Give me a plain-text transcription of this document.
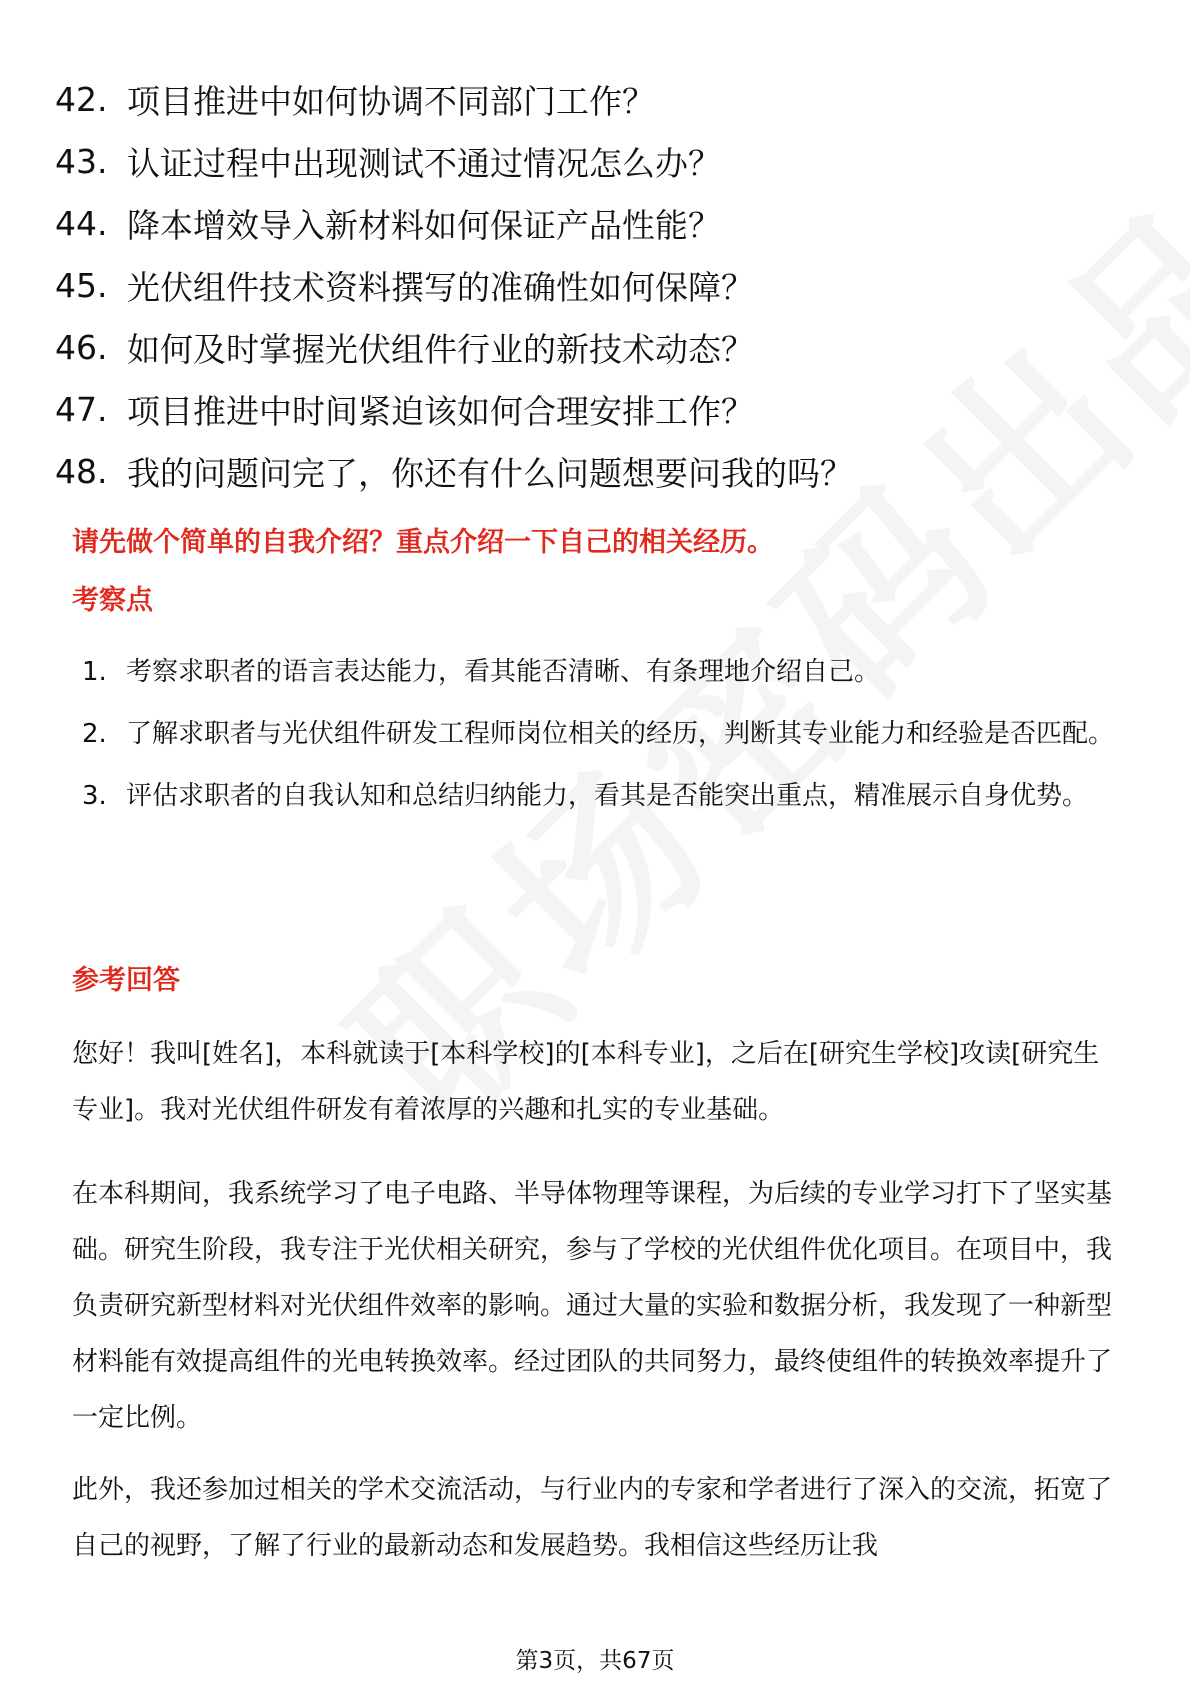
42. 项目推进中如何协调不同部门工作？
43. 认证过程中出现测试不通过情况怎么办？
44. 降本增效导入新材料如何保证产品性能？
45. 光伏组件技术资料撰写的准确性如何保障？
46. 如何及时掌握光伏组件行业的新技术动态？
47. 项目推进中时间紧迫该如何合理安排工作？
48. 我的问题问完了，你还有什么问题想要问我的吗？
请先做个简单的自我介绍？重点介绍一下自己的相关经历。
考察点
1. 考察求职者的语言表达能力，看其能否清晰、有条理地介绍自己。
2. 了解求职者与光伏组件研发工程师岗位相关的经历，判断其专业能力和经验是否匹配。
3. 评估求职者的自我认知和总结归纳能力，看其是否能突出重点，精准展示自身优势。
参考回答
您好！我叫[姓名]，本科就读于[本科学校]的[本科专业]，之后在[研究生学校]攻读[研究生专业]。我对光伏组件研发有着浓厚的兴趣和扎实的专业基础。
在本科期间，我系统学习了电子电路、半导体物理等课程，为后续的专业学习打下了坚实基础。研究生阶段，我专注于光伏相关研究，参与了学校的光伏组件优化项目。在项目中，我负责研究新型材料对光伏组件效率的影响。通过大量的实验和数据分析，我发现了一种新型材料能有效提高组件的光电转换效率。经过团队的共同努力，最终使组件的转换效率提升了一定比例。
此外，我还参加过相关的学术交流活动，与行业内的专家和学者进行了深入的交流，拓宽了自己的视野，了解了行业的最新动态和发展趋势。我相信这些经历让我
第3页，共67页
